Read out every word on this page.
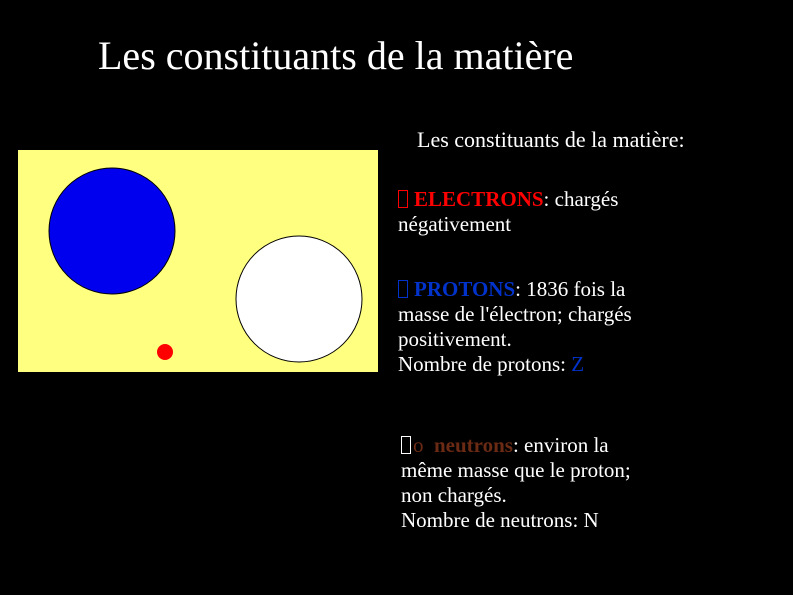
Les constituants de la matière
Les constituants de la matière:
ELECTRONS: chargés
négativement
PROTONS: 1836 fois la
masse de l'électron; chargés
positivement.
Nombre de protons: Z
o neutrons: environ la
même masse que le proton;
non chargés.
Nombre de neutrons: N
